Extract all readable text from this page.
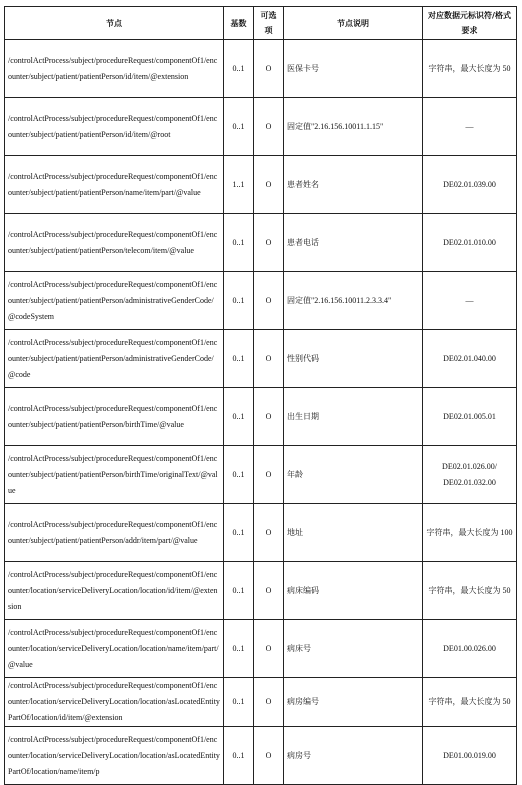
节点	基数	可选项	节点说明	对应数据元标识符/格式要求
/controlActProcess/subject/procedureRequest/componentOf1/encounter/subject/patient/patientPerson/id/item/@extension	0..1	O	医保卡号	字符串，最大长度为 50
/controlActProcess/subject/procedureRequest/componentOf1/encounter/subject/patient/patientPerson/id/item/@root	0..1	O	固定值"2.16.156.10011.1.15"	—
/controlActProcess/subject/procedureRequest/componentOf1/encounter/subject/patient/patientPerson/name/item/part/@value	1..1	O	患者姓名	DE02.01.039.00
/controlActProcess/subject/procedureRequest/componentOf1/encounter/subject/patient/patientPerson/telecom/item/@value	0..1	O	患者电话	DE02.01.010.00
/controlActProcess/subject/procedureRequest/componentOf1/encounter/subject/patient/patientPerson/administrativeGenderCode/@codeSystem	0..1	O	固定值"2.16.156.10011.2.3.3.4"	—
/controlActProcess/subject/procedureRequest/componentOf1/encounter/subject/patient/patientPerson/administrativeGenderCode/@code	0..1	O	性别代码	DE02.01.040.00
/controlActProcess/subject/procedureRequest/componentOf1/encounter/subject/patient/patientPerson/birthTime/@value	0..1	O	出生日期	DE02.01.005.01
/controlActProcess/subject/procedureRequest/componentOf1/encounter/subject/patient/patientPerson/birthTime/originalText/@value	0..1	O	年龄	DE02.01.026.00/ DE02.01.032.00
/controlActProcess/subject/procedureRequest/componentOf1/encounter/subject/patient/patientPerson/addr/item/part/@value	0..1	O	地址	字符串，最大长度为 100
/controlActProcess/subject/procedureRequest/componentOf1/encounter/location/serviceDeliveryLocation/location/id/item/@extension	0..1	O	病床编码	字符串，最大长度为 50
/controlActProcess/subject/procedureRequest/componentOf1/encounter/location/serviceDeliveryLocation/location/name/item/part/@value	0..1	O	病床号	DE01.00.026.00
/controlActProcess/subject/procedureRequest/componentOf1/encounter/location/serviceDeliveryLocation/location/asLocatedEntityPartOf/location/id/item/@extension	0..1	O	病房编号	字符串，最大长度为 50
/controlActProcess/subject/procedureRequest/componentOf1/encounter/location/serviceDeliveryLocation/location/asLocatedEntityPartOf/location/name/item/p	0..1	O	病房号	DE01.00.019.00
